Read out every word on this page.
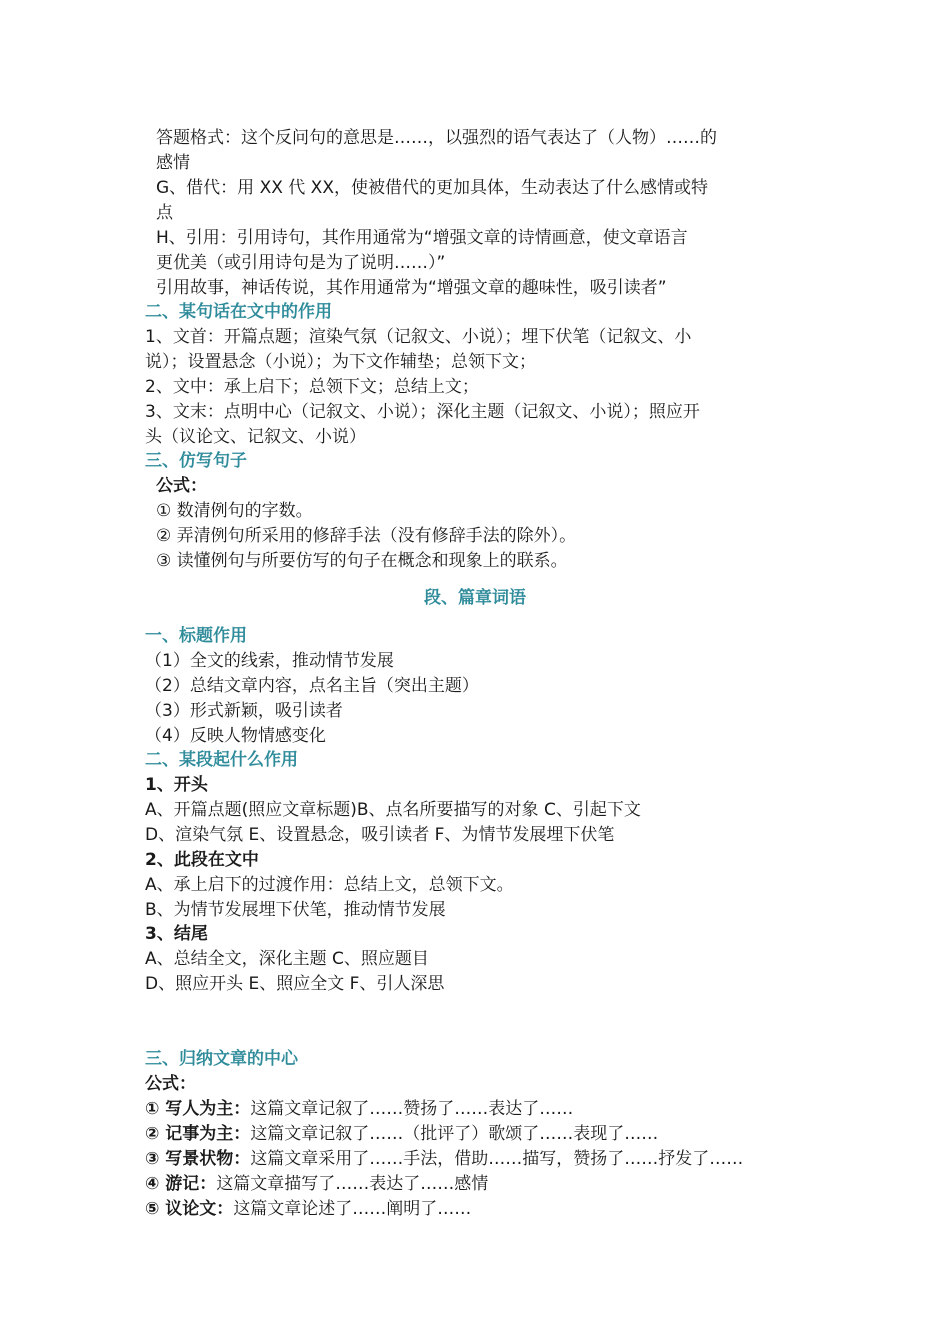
答题格式：这个反问句的意思是……，以强烈的语气表达了（人物）……的
感情
G、借代：用 XX 代 XX，使被借代的更加具体，生动表达了什么感情或特
点
H、引用：引用诗句，其作用通常为“增强文章的诗情画意，使文章语言
更优美（或引用诗句是为了说明……）”
引用故事，神话传说，其作用通常为“增强文章的趣味性，吸引读者”
二、某句话在文中的作用
1、文首：开篇点题；渲染气氛（记叙文、小说）；埋下伏笔（记叙文、小
说）；设置悬念（小说）；为下文作辅垫；总领下文；
2、文中：承上启下；总领下文；总结上文；
3、文末：点明中心（记叙文、小说）；深化主题（记叙文、小说）；照应开
头（议论文、记叙文、小说）
三、仿写句子
公式：
① 数清例句的字数。
② 弄清例句所采用的修辞手法（没有修辞手法的除外）。
③ 读懂例句与所要仿写的句子在概念和现象上的联系。
段、篇章词语
一、标题作用
（1）全文的线索，推动情节发展
（2）总结文章内容，点名主旨（突出主题）
（3）形式新颖，吸引读者
（4）反映人物情感变化
二、某段起什么作用
1、开头
A、开篇点题(照应文章标题)B、点名所要描写的对象 C、引起下文
D、渲染气氛 E、设置悬念，吸引读者 F、为情节发展埋下伏笔
2、此段在文中
A、承上启下的过渡作用：总结上文，总领下文。
B、为情节发展埋下伏笔，推动情节发展
3、结尾
A、总结全文，深化主题 C、照应题目
D、照应开头 E、照应全文 F、引人深思
三、归纳文章的中心
公式：
① 写人为主：这篇文章记叙了……赞扬了……表达了……
② 记事为主：这篇文章记叙了……（批评了）歌颂了……表现了……
③ 写景状物：这篇文章采用了……手法，借助……描写，赞扬了……抒发了……
④ 游记：这篇文章描写了……表达了……感情
⑤ 议论文：这篇文章论述了……阐明了……
